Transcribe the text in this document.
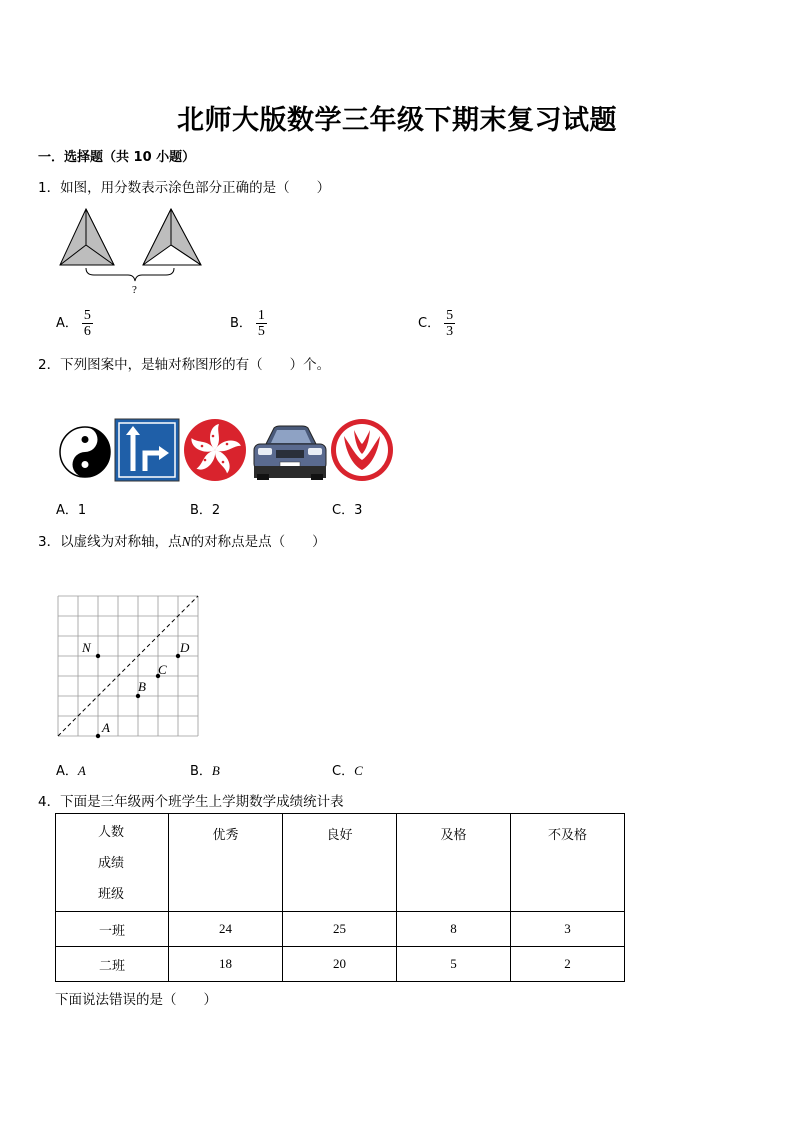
北师大版数学三年级下期末复习试题
一．选择题（共 10 小题）
1．如图，用分数表示涂色部分正确的是（　　）
?
A． $\frac{5}{6}$	B． $\frac{1}{5}$	C． $\frac{5}{3}$
2．下列图案中，是轴对称图形的有（　　）个。
A．1	B．2	C．3
3．以虚线为对称轴，点N的对称点是点（　　）
N	D
C
B
A
A．A	B．B	C．C
4．下面是三年级两个班学生上学期数学成绩统计表
人数
成绩
班级	优秀	良好	及格	不及格
一班	24	25	8	3
二班	18	20	5	2
下面说法错误的是（　　）
